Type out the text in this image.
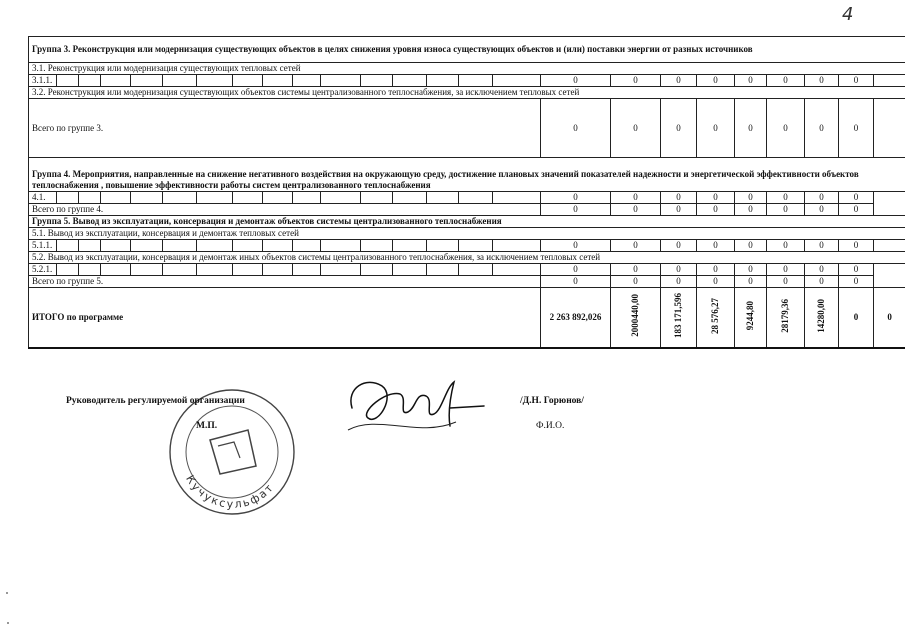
4
Группа 3. Реконструкция или модернизация существующих объектов в целях снижения уровня износа существующих объектов и (или) поставки энергии от разных источников																								
3.1. Реконструкция или модернизация существующих тепловых сетей																								
3.1.1.																0	0	0	0	0	0	0	0	
3.2. Реконструкция или модернизация существующих объектов системы централизованного теплоснабжения, за исключением тепловых сетей																								
Всего по группе 3.																0	0	0	0	0	0	0	0	
Группа 4. Мероприятия, направленные на снижение негативного воздействия на окружающую среду, достижение плановых значений показателей надежности и энергетической эффективности объектов теплоснабжения , повышение эффективности работы систем централизованного теплоснабжения																								
4.1.																0	0	0	0	0	0	0	0	
Всего по группе 4.																0	0	0	0	0	0	0	0	
Группа 5. Вывод из эксплуатации, консервация и демонтаж объектов системы централизованного теплоснабжения																								
5.1. Вывод из эксплуатации, консервация и демонтаж тепловых сетей																								
5.1.1.																0	0	0	0	0	0	0	0	
5.2. Вывод из эксплуатации, консервация и демонтаж иных объектов системы централизованного теплоснабжения, за исключением тепловых сетей																								
5.2.1.																0	0	0	0	0	0	0	0	
Всего по группе 5.																0	0	0	0	0	0	0	0	
ИТОГО по программе																2 263 892,026	2000440,00	183 171,596	28 576,27	9244,80	28179,36	14280,00	0	0
Кучуксульфат
Руководитель регулируемой организации
М.П.
/Д.Н. Горюнов/
Ф.И.О.
